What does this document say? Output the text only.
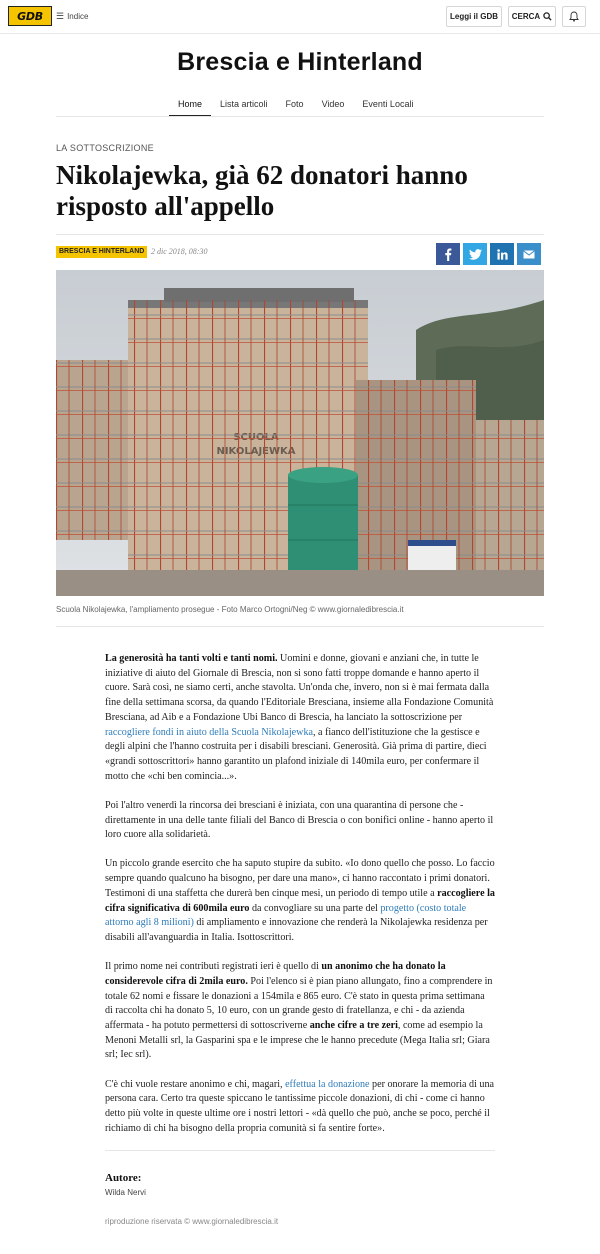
GDB	☰ Indice	Leggi il GDB	CERCA
Brescia e Hinterland
Home	Lista articoli	Foto	Video	Eventi Locali
LA SOTTOSCRIZIONE
Nikolajewka, già 62 donatori hanno risposto all'appello
BRESCIA E HINTERLAND 2 dic 2018, 08:30
Scuola Nikolajewka, l'ampliamento prosegue - Foto Marco Ortogni/Neg © www.giornaledibrescia.it

La generosità ha tanti volti e tanti nomi. Uomini e donne, giovani e anziani che, in tutte le iniziative di aiuto del Giornale di Brescia, non si sono fatti troppe domande e hanno aperto il cuore. Sarà così, ne siamo certi, anche stavolta. Un'onda che, invero, non si è mai fermata dalla fine della settimana scorsa, da quando l'Editoriale Bresciana, insieme alla Fondazione Comunità Bresciana, ad Aib e a Fondazione Ubi Banco di Brescia, ha lanciato la sottoscrizione per raccogliere fondi in aiuto della Scuola Nikolajewka, a fianco dell'istituzione che la gestisce e degli alpini che l'hanno costruita per i disabili bresciani. Generosità. Già prima di partire, dieci «grandi sottoscrittori» hanno garantito un plafond iniziale di 140mila euro, per confermare il motto che «chi ben comincia...».

Poi l'altro venerdì la rincorsa dei bresciani è iniziata, con una quarantina di persone che - direttamente in una delle tante filiali del Banco di Brescia o con bonifici online - hanno aperto il loro cuore alla solidarietà.

Un piccolo grande esercito che ha saputo stupire da subito. «Io dono quello che posso. Lo faccio sempre quando qualcuno ha bisogno, per dare una mano», ci hanno raccontato i primi donatori. Testimoni di una staffetta che durerà ben cinque mesi, un periodo di tempo utile a raccogliere la cifra significativa di 600mila euro da convogliare su una parte del progetto (costo totale attorno agli 8 milioni) di ampliamento e innovazione che renderà la Nikolajewka residenza per disabili all'avanguardia in Italia. Isottoscrittori.

Il primo nome nei contributi registrati ieri è quello di un anonimo che ha donato la considerevole cifra di 2mila euro. Poi l'elenco si è pian piano allungato, fino a comprendere in totale 62 nomi e fissare le donazioni a 154mila e 865 euro. C'è stato in questa prima settimana di raccolta chi ha donato 5, 10 euro, con un grande gesto di fratellanza, e chi - da azienda affermata - ha potuto permettersi di sottoscriverne anche cifre a tre zeri, come ad esempio la Menoni Metalli srl, la Gasparini spa e le imprese che le hanno precedute (Mega Italia srl; Giara srl; Iec srl).

C'è chi vuole restare anonimo e chi, magari, effettua la donazione per onorare la memoria di una persona cara. Certo tra queste spiccano le tantissime piccole donazioni, di chi - come ci hanno detto più volte in queste ultime ore i nostri lettori - «dà quello che può, anche se poco, perché il richiamo di chi ha bisogno della propria comunità si fa sentire forte».

Autore:
Wilda Nervi
riproduzione riservata © www.giornaledibrescia.it
